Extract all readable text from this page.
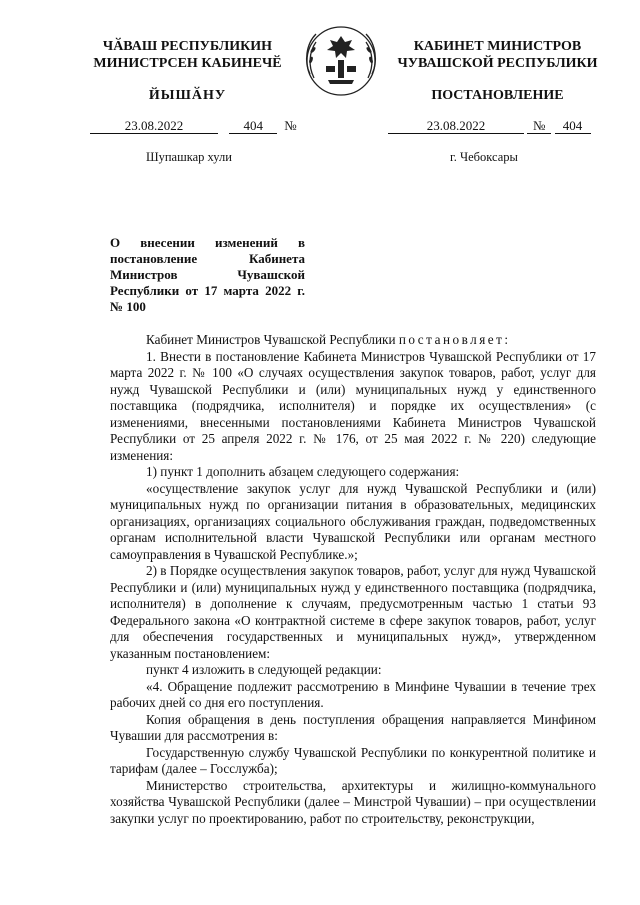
ЧӐВАШ РЕСПУБЛИКИН
МИНИСТРСЕН КАБИНЕЧӖ
ЙЫШӐНУ
КАБИНЕТ МИНИСТРОВ
ЧУВАШСКОЙ РЕСПУБЛИКИ
ПОСТАНОВЛЕНИЕ
23.08.2022	404 №	23.08.2022	№ 404
Шупашкар хули	г. Чебоксары
О внесении изменений в постановление Кабинета Министров Чувашской Республики от 17 марта 2022 г. № 100

Кабинет Министров Чувашской Республики постановляет:

1. Внести в постановление Кабинета Министров Чувашской Республики от 17 марта 2022 г. № 100 «О случаях осуществления закупок товаров, работ, услуг для нужд Чувашской Республики и (или) муниципальных нужд у единственного поставщика (подрядчика, исполнителя) и порядке их осуществления» (с изменениями, внесенными постановлениями Кабинета Министров Чувашской Республики от 25 апреля 2022 г. № 176, от 25 мая 2022 г. № 220) следующие изменения:

1) пункт 1 дополнить абзацем следующего содержания:

«осуществление закупок услуг для нужд Чувашской Республики и (или) муниципальных нужд по организации питания в образовательных, медицинских организациях, организациях социального обслуживания граждан, подведомственных органам исполнительной власти Чувашской Республики или органам местного самоуправления в Чувашской Республике.»;

2) в Порядке осуществления закупок товаров, работ, услуг для нужд Чувашской Республики и (или) муниципальных нужд у единственного поставщика (подрядчика, исполнителя) в дополнение к случаям, предусмотренным частью 1 статьи 93 Федерального закона «О контрактной системе в сфере закупок товаров, работ, услуг для обеспечения государственных и муниципальных нужд», утвержденном указанным постановлением:

пункт 4 изложить в следующей редакции:

«4. Обращение подлежит рассмотрению в Минфине Чувашии в течение трех рабочих дней со дня его поступления.

Копия обращения в день поступления обращения направляется Минфином Чувашии для рассмотрения в:

Государственную службу Чувашской Республики по конкурентной политике и тарифам (далее – Госслужба);

Министерство строительства, архитектуры и жилищно-коммунального хозяйства Чувашской Республики (далее – Минстрой Чувашии) – при осуществлении закупки услуг по проектированию, работ по строительству, реконструкции,
